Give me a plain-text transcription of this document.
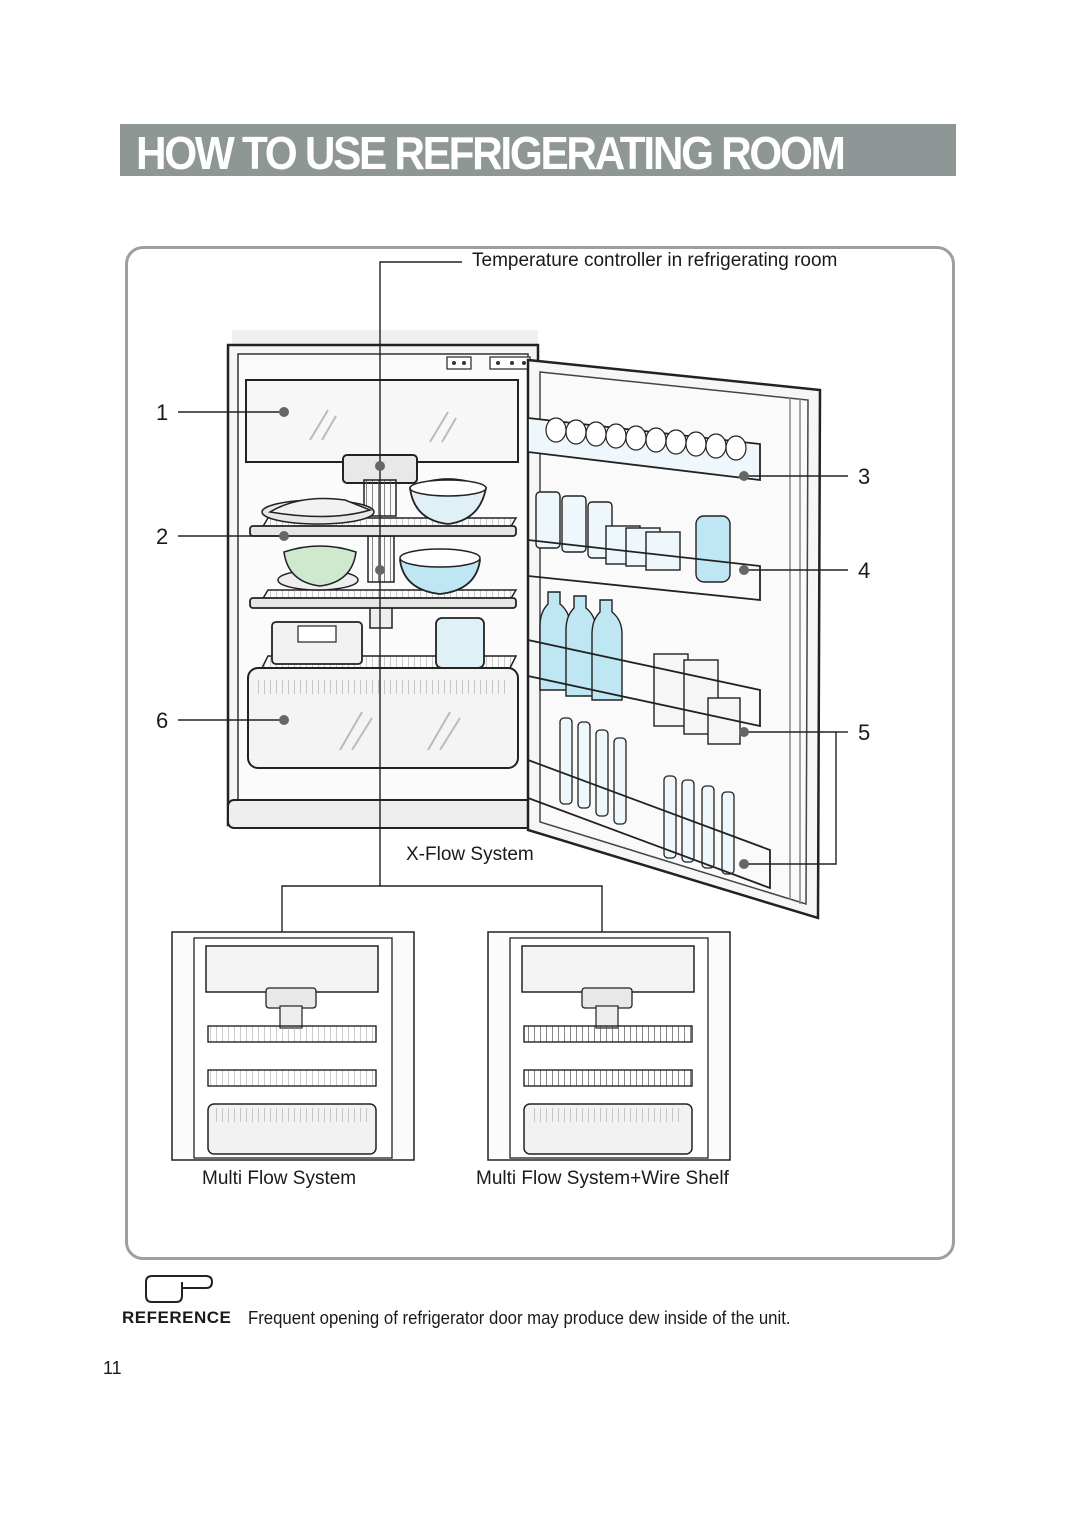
HOW TO USE REFRIGERATING ROOM
Temperature controller in refrigerating room
X-Flow System
1
2
6
3
4
5
Multi Flow System	Multi Flow System+Wire Shelf
REFERENCE Frequent opening of refrigerator door may produce dew inside of the unit.
11
